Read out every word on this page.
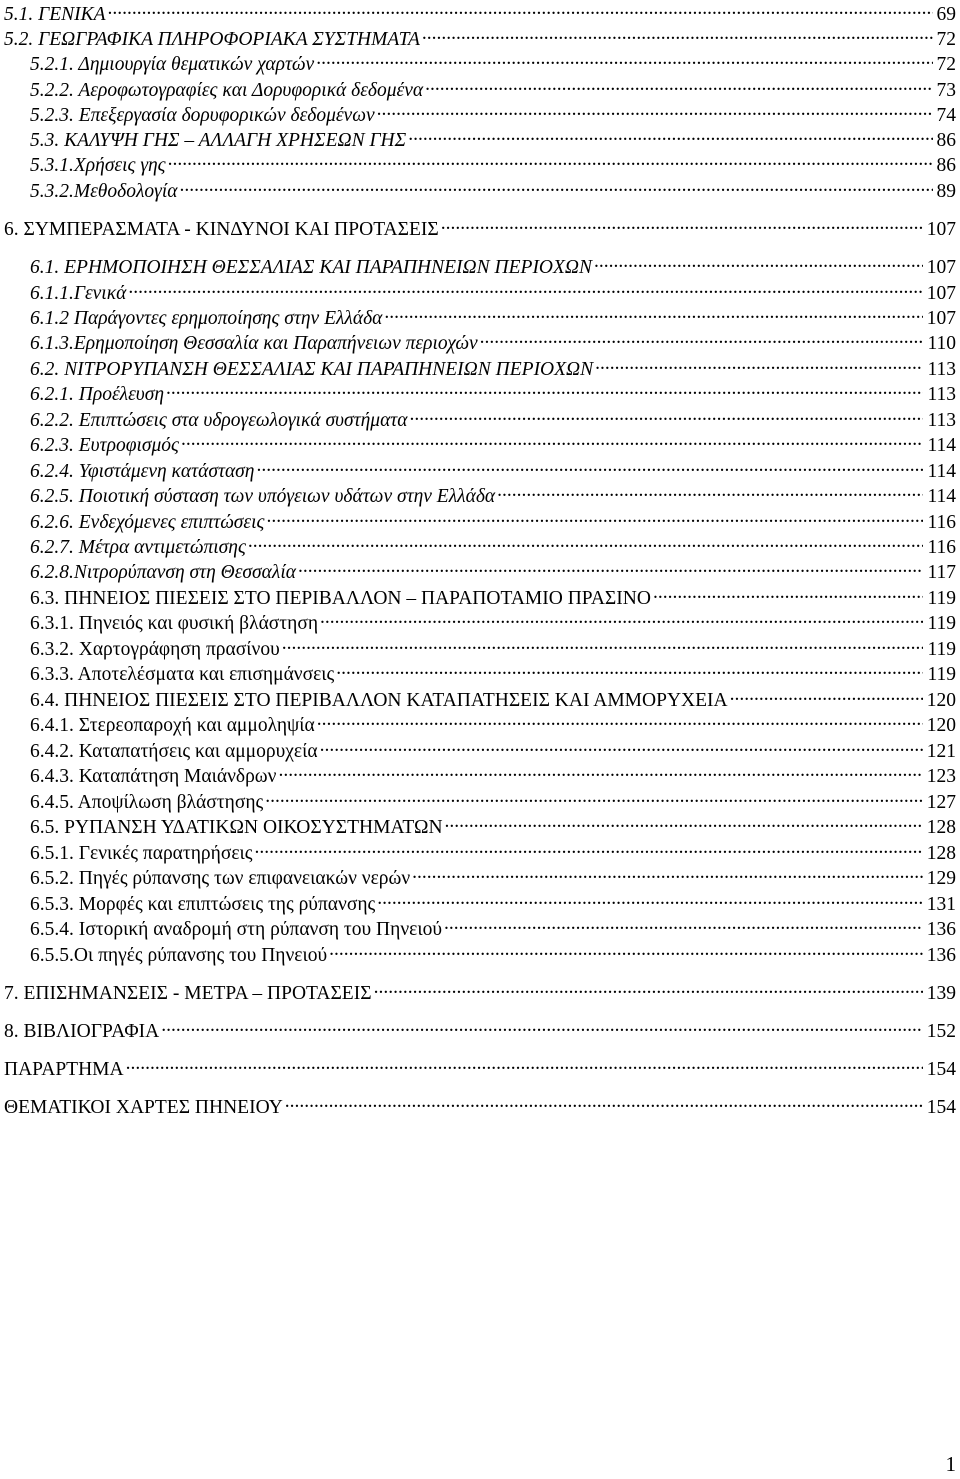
5.1. ΓΕΝΙΚΑ .....	69
5.2. ΓΕΩΓΡΑΦΙΚΑ ΠΛΗΡΟΦΟΡΙΑΚΑ ΣΥΣΤΗΜΑΤΑ .....	72
5.2.1. Δημιουργία θεματικών χαρτών .....	72
5.2.2. Αεροφωτογραφίες και Δορυφορικά δεδομένα .....	73
5.2.3. Επεξεργασία δορυφορικών δεδομένων .....	74
5.3. ΚΑΛΥΨΗ ΓΗΣ – ΑΛΛΑΓΗ ΧΡΗΣΕΩΝ ΓΗΣ .....	86
5.3.1.Χρήσεις γης .....	86
5.3.2.Μεθοδολογία .....	89
6. ΣΥΜΠΕΡΑΣΜΑΤΑ - ΚΙΝΔΥΝΟΙ ΚΑΙ ΠΡΟΤΑΣΕΙΣ .....	107
6.1. ΕΡΗΜΟΠΟΙΗΣΗ ΘΕΣΣΑΛΙΑΣ ΚΑΙ ΠΑΡΑΠΗΝΕΙΩΝ ΠΕΡΙΟΧΩΝ .....	107
6.1.1.Γενικά .....	107
6.1.2 Παράγοντες ερημοποίησης στην Ελλάδα .....	107
6.1.3.Ερημοποίηση Θεσσαλία και Παραπήνειων περιοχών .....	110
6.2. ΝΙΤΡΟΡΥΠΑΝΣΗ ΘΕΣΣΑΛΙΑΣ ΚΑΙ ΠΑΡΑΠΗΝΕΙΩΝ ΠΕΡΙΟΧΩΝ .....	113
6.2.1. Προέλευση .....	113
6.2.2. Επιπτώσεις στα υδρογεωλογικά συστήματα .....	113
6.2.3. Ευτροφισμός .....	114
6.2.4. Υφιστάμενη κατάσταση .....	114
6.2.5. Ποιοτική σύσταση των υπόγειων υδάτων στην Ελλάδα .....	114
6.2.6. Ενδεχόμενες επιπτώσεις .....	116
6.2.7. Μέτρα αντιμετώπισης .....	116
6.2.8.Νιτρορύπανση στη Θεσσαλία .....	117
6.3. ΠΗΝΕΙΟΣ ΠΙΕΣΕΙΣ ΣΤΟ ΠΕΡΙΒΑΛΛΟΝ – ΠΑΡΑΠΟΤΑΜΙΟ ΠΡΑΣΙΝΟ .....	119
6.3.1. Πηνειός και φυσική βλάστηση .....	119
6.3.2. Χαρτογράφηση πρασίνου .....	119
6.3.3. Αποτελέσματα και επισημάνσεις .....	119
6.4. ΠΗΝΕΙΟΣ ΠΙΕΣΕΙΣ ΣΤΟ ΠΕΡΙΒΑΛΛΟΝ ΚΑΤΑΠΑΤΗΣΕΙΣ ΚΑΙ ΑΜΜΟΡΥΧΕΙΑ .....	120
6.4.1. Στερεοπαροχή και αμμοληψία .....	120
6.4.2. Καταπατήσεις και αμμορυχεία .....	121
6.4.3. Καταπάτηση Μαιάνδρων .....	123
6.4.5. Αποψίλωση βλάστησης .....	127
6.5. ΡΥΠΑΝΣΗ ΥΔΑΤΙΚΩΝ ΟΙΚΟΣΥΣΤΗΜΑΤΩΝ .....	128
6.5.1. Γενικές παρατηρήσεις .....	128
6.5.2. Πηγές ρύπανσης των επιφανειακών νερών .....	129
6.5.3. Μορφές και επιπτώσεις της ρύπανσης .....	131
6.5.4. Ιστορική αναδρομή στη ρύπανση του Πηνειού .....	136
6.5.5.Οι πηγές ρύπανσης του Πηνειού .....	136
7. ΕΠΙΣΗΜΑΝΣΕΙΣ - ΜΕΤΡΑ – ΠΡΟΤΑΣΕΙΣ .....	139
8. ΒΙΒΛΙΟΓΡΑΦΙΑ .....	152
ΠΑΡΑΡΤΗΜΑ .....	154
ΘΕΜΑΤΙΚΟΙ ΧΑΡΤΕΣ ΠΗΝΕΙΟΥ .....	154
1
